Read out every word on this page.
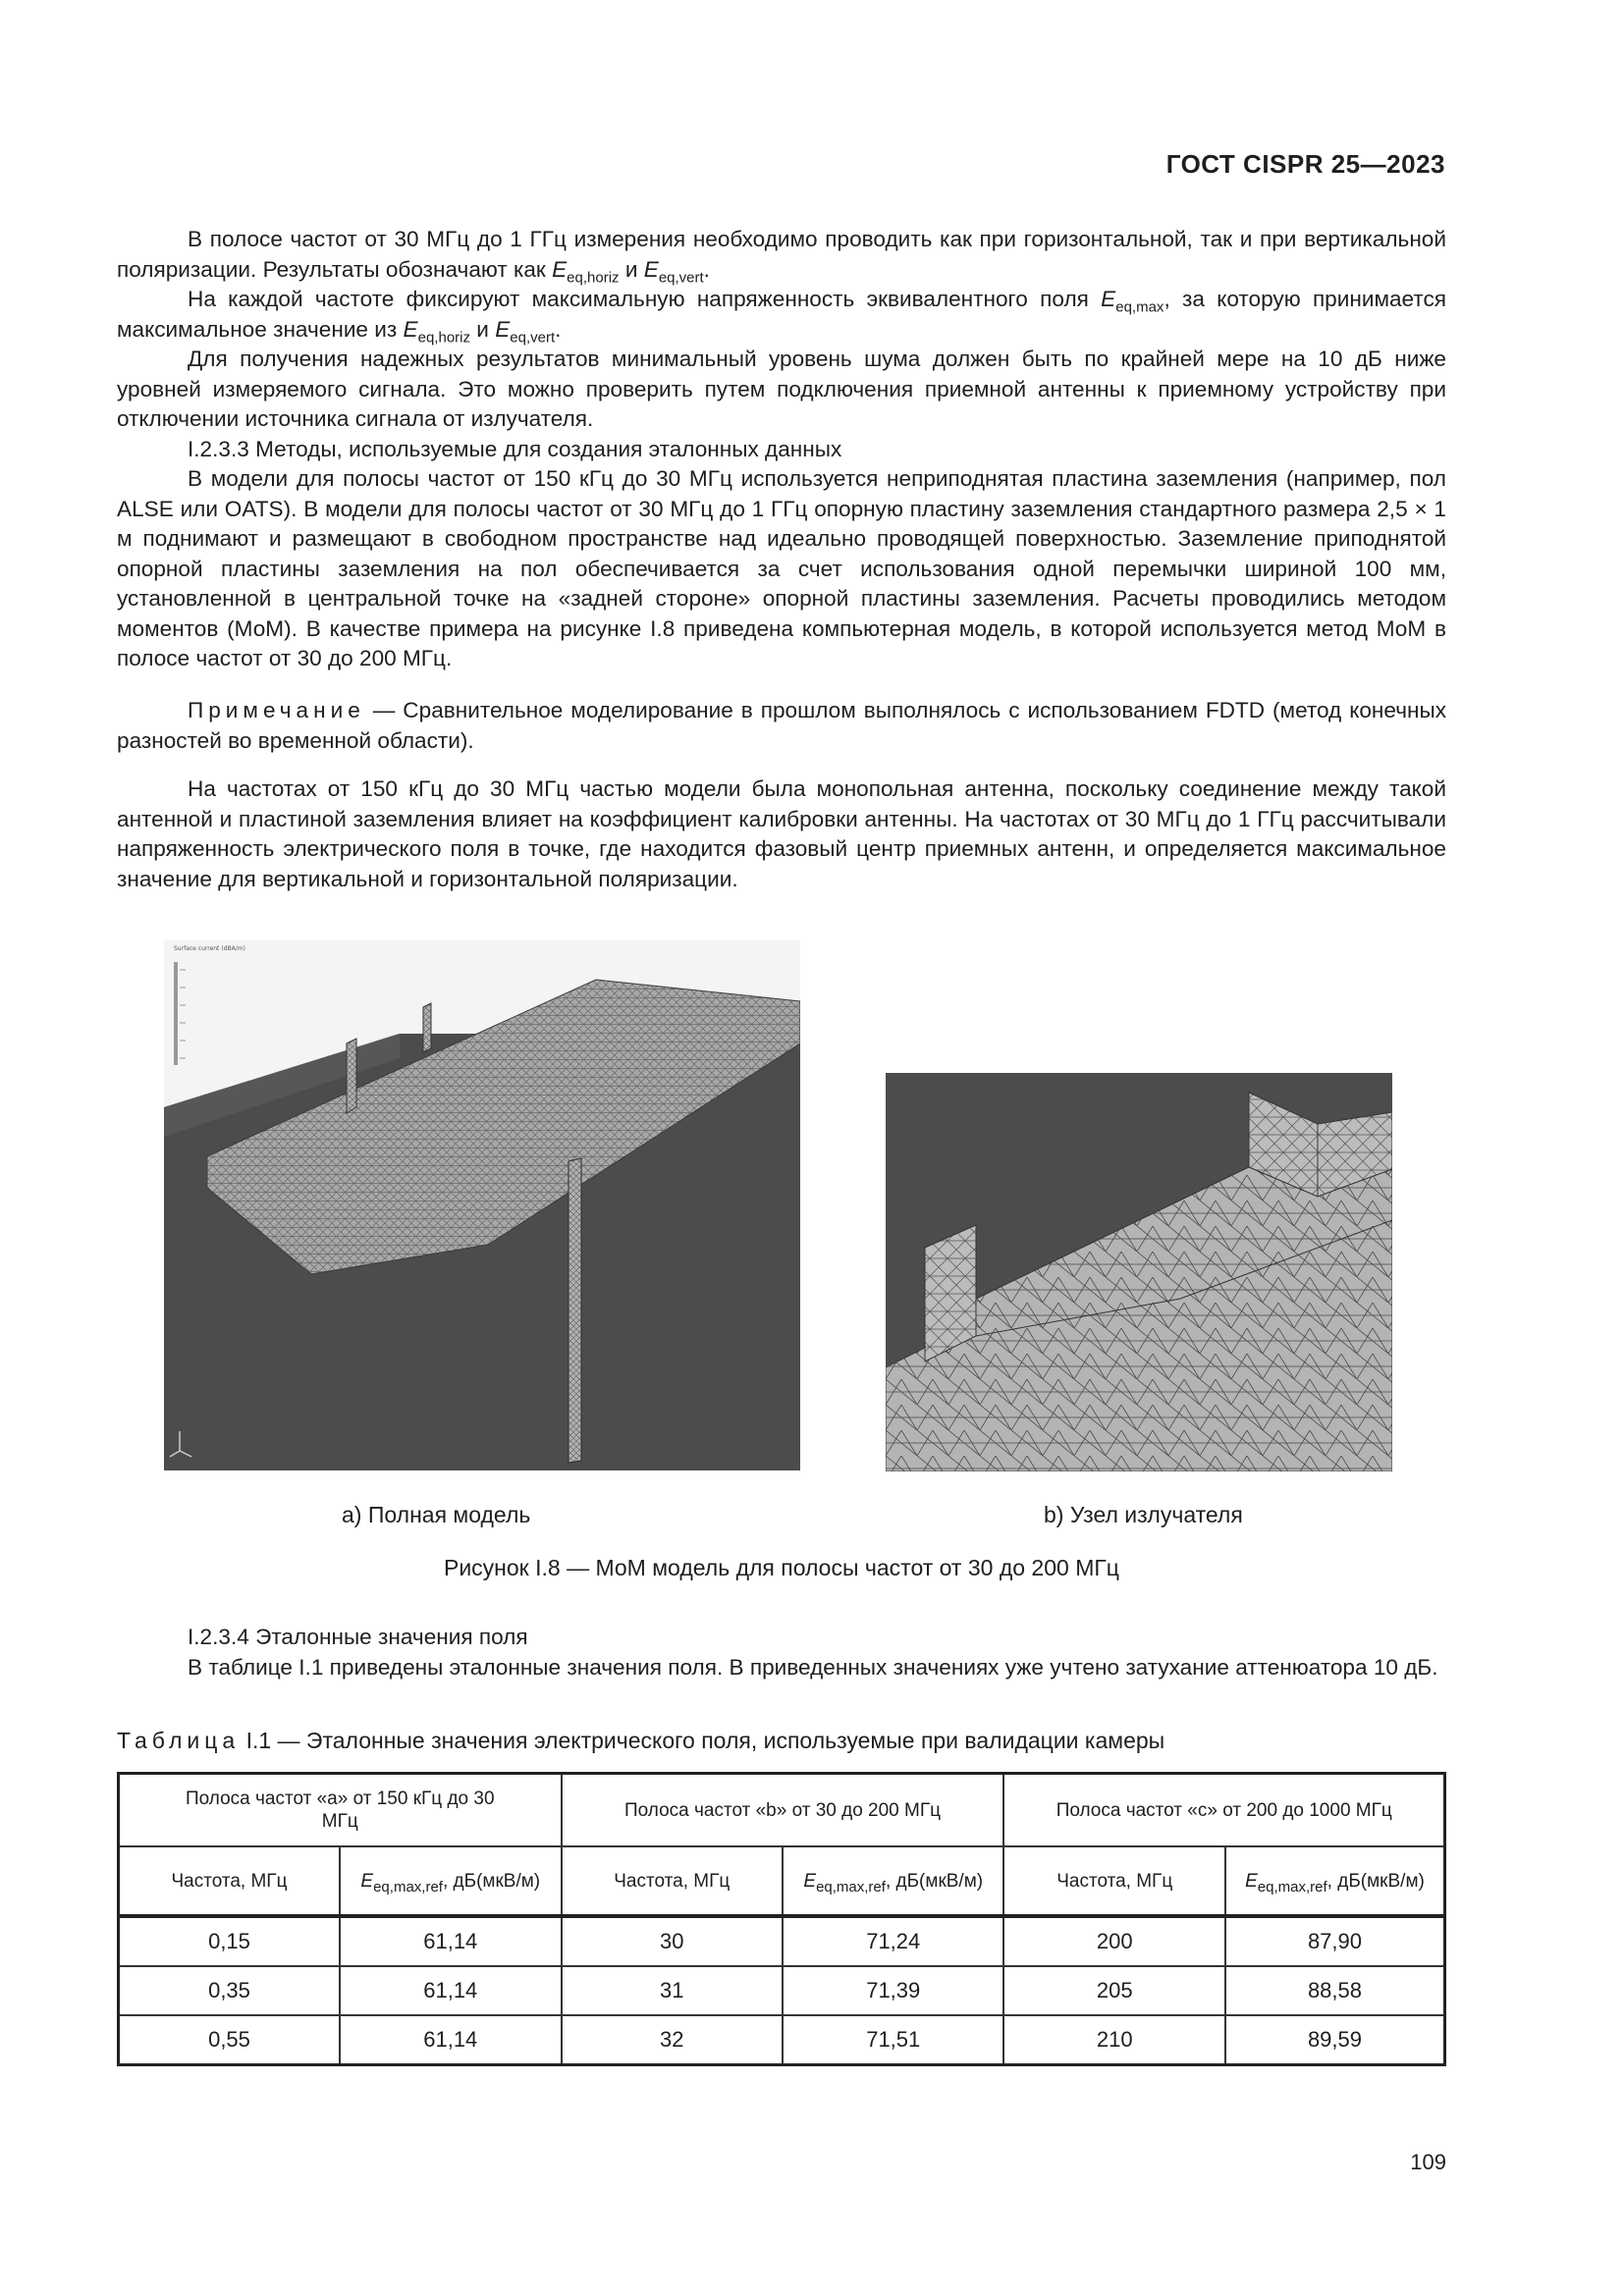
ГОСТ CISPR 25—2023

В полосе частот от 30 МГц до 1 ГГц измерения необходимо проводить как при горизонтальной, так и при вертикальной поляризации. Результаты обозначают как $E_{eq,horiz}$ и $E_{eq,vert}$.

На каждой частоте фиксируют максимальную напряженность эквивалентного поля $E_{eq,max}$, за которую принимается максимальное значение из $E_{eq,horiz}$ и $E_{eq,vert}$.

Для получения надежных результатов минимальный уровень шума должен быть по крайней мере на 10 дБ ниже уровней измеряемого сигнала. Это можно проверить путем подключения приемной антенны к приемному устройству при отключении источника сигнала от излучателя.

I.2.3.3 Методы, используемые для создания эталонных данных

В модели для полосы частот от 150 кГц до 30 МГц используется неприподнятая пластина заземления (например, пол ALSE или OATS). В модели для полосы частот от 30 МГц до 1 ГГц опорную пластину заземления стандартного размера 2,5 × 1 м поднимают и размещают в свободном пространстве над идеально проводящей поверхностью. Заземление приподнятой опорной пластины заземления на пол обеспечивается за счет использования одной перемычки шириной 100 мм, установленной в центральной точке на «задней стороне» опорной пластины заземления. Расчеты проводились методом моментов (МоМ). В качестве примера на рисунке I.8 приведена компьютерная модель, в которой используется метод МоМ в полосе частот от 30 до 200 МГц.

Примечание — Сравнительное моделирование в прошлом выполнялось с использованием FDTD (метод конечных разностей во временной области).

На частотах от 150 кГц до 30 МГц частью модели была монопольная антенна, поскольку соединение между такой антенной и пластиной заземления влияет на коэффициент калибровки антенны. На частотах от 30 МГц до 1 ГГц рассчитывали напряженность электрического поля в точке, где находится фазовый центр приемных антенн, и определяется максимальное значение для вертикальной и горизонтальной поляризации.

Surface current (dBA/m)
a) Полная модель	b) Узел излучателя
Рисунок I.8 — МоМ модель для полосы частот от 30 до 200 МГц

I.2.3.4 Эталонные значения поля

В таблице I.1 приведены эталонные значения поля. В приведенных значениях уже учтено затухание аттенюатора 10 дБ.

Таблица I.1 — Эталонные значения электрического поля, используемые при валидации камеры
Полоса частот «a» от 150 кГц до 30 МГц		Полоса частот «b» от 30 до 200 МГц		Полоса частот «c» от 200 до 1000 МГц	
Частота, МГц	$E_{eq,max,ref}$, дБ(мкВ/м)	Частота, МГц	$E_{eq,max,ref}$, дБ(мкВ/м)	Частота, МГц	$E_{eq,max,ref}$, дБ(мкВ/м)
0,15	61,14	30	71,24	200	87,90
0,35	61,14	31	71,39	205	88,58
0,55	61,14	32	71,51	210	89,59
109
